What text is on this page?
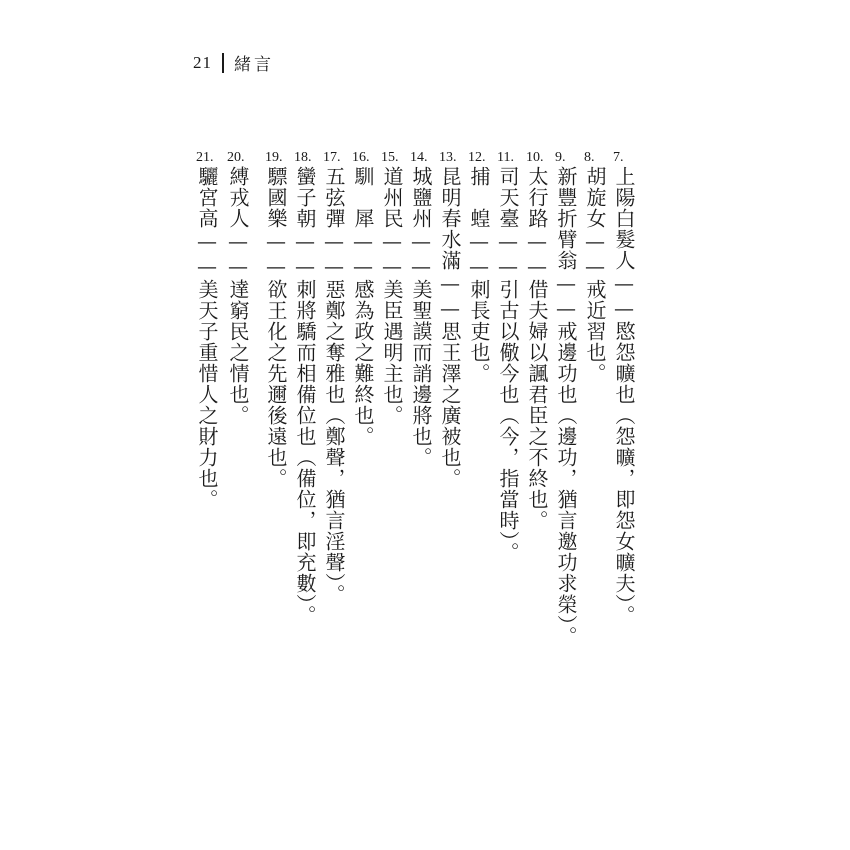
21 緒言
7.
上陽白髮人——愍怨曠也（怨曠，即怨女曠夫）。
8.
胡旋女——戒近習也。
9.
新豐折臂翁——戒邊功也（邊功，猶言邀功求榮）。
10.
太行路——借夫婦以諷君臣之不終也。
11.
司天臺——引古以儆今也（今，指當時）。
12.
捕　蝗——刺長吏也。
13.
昆明春水滿——思王澤之廣被也。
14.
城鹽州——美聖謨而誚邊將也。
15.
道州民——美臣遇明主也。
16.
馴　犀——感為政之難終也。
17.
五弦彈——惡鄭之奪雅也（鄭聲，猶言淫聲）。
18.
蠻子朝——刺將驕而相備位也（備位，即充數）。
19.
驃國樂——欲王化之先邇後遠也。
20.
縛戎人——達窮民之情也。
21.
驪宮高——美天子重惜人之財力也。
